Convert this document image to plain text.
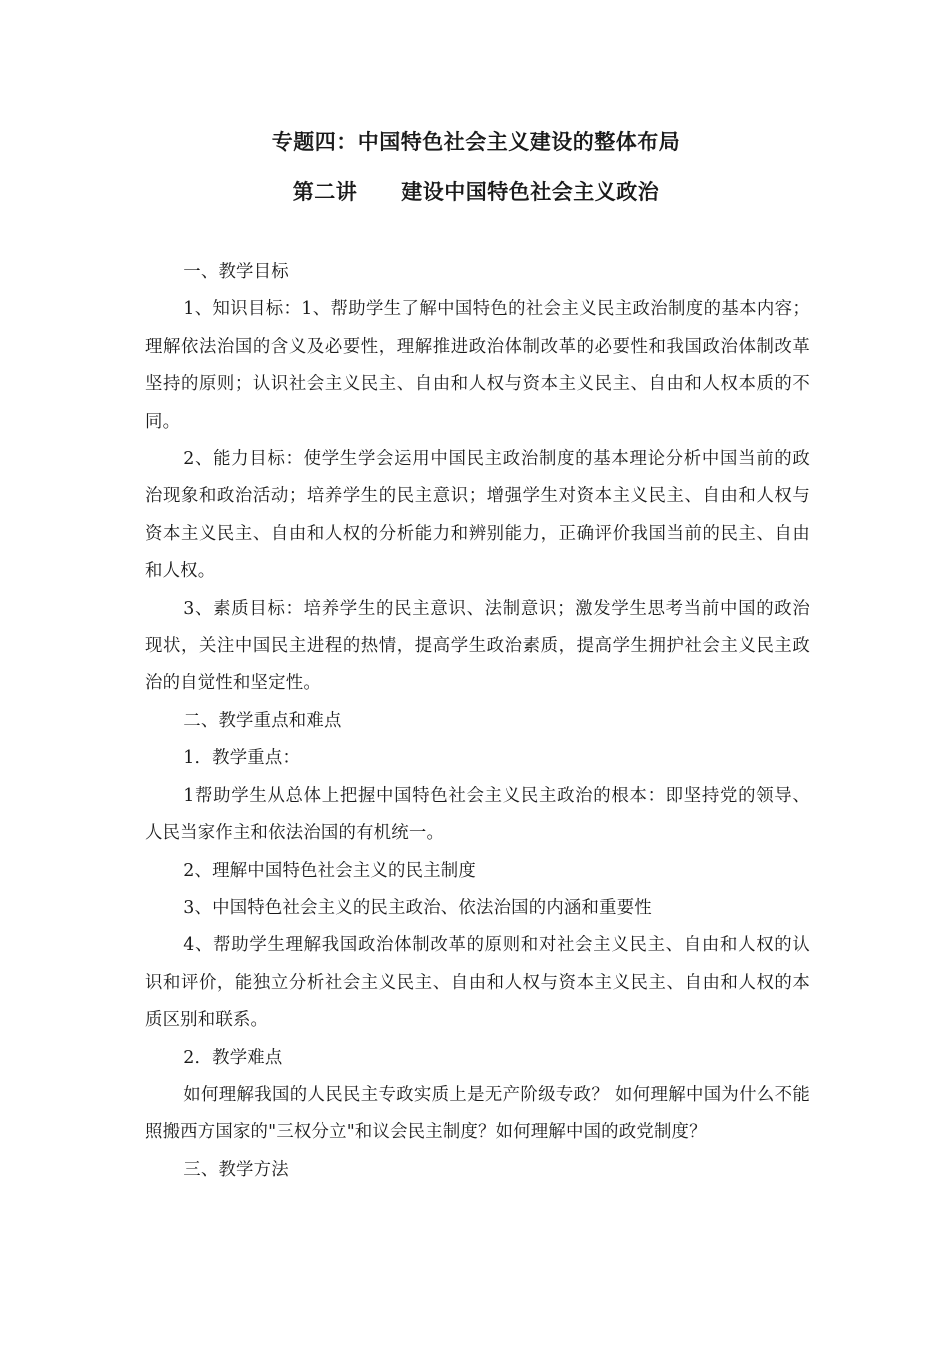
专题四：中国特色社会主义建设的整体布局
第二讲 建设中国特色社会主义政治

一、教学目标

1、知识目标：1、帮助学生了解中国特色的社会主义民主政治制度的基本内容；理解依法治国的含义及必要性，理解推进政治体制改革的必要性和我国政治体制改革坚持的原则；认识社会主义民主、自由和人权与资本主义民主、自由和人权本质的不同。

2、能力目标：使学生学会运用中国民主政治制度的基本理论分析中国当前的政治现象和政治活动；培养学生的民主意识；增强学生对资本主义民主、自由和人权与资本主义民主、自由和人权的分析能力和辨别能力，正确评价我国当前的民主、自由和人权。

3、素质目标：培养学生的民主意识、法制意识；激发学生思考当前中国的政治现状，关注中国民主进程的热情，提高学生政治素质，提高学生拥护社会主义民主政治的自觉性和坚定性。

二、教学重点和难点

1．教学重点：

1帮助学生从总体上把握中国特色社会主义民主政治的根本：即坚持党的领导、人民当家作主和依法治国的有机统一。

2、理解中国特色社会主义的民主制度

3、中国特色社会主义的民主政治、依法治国的内涵和重要性

4、帮助学生理解我国政治体制改革的原则和对社会主义民主、自由和人权的认识和评价，能独立分析社会主义民主、自由和人权与资本主义民主、自由和人权的本质区别和联系。

2．教学难点

如何理解我国的人民民主专政实质上是无产阶级专政？ 如何理解中国为什么不能照搬西方国家的"三权分立"和议会民主制度？如何理解中国的政党制度？

三、教学方法
